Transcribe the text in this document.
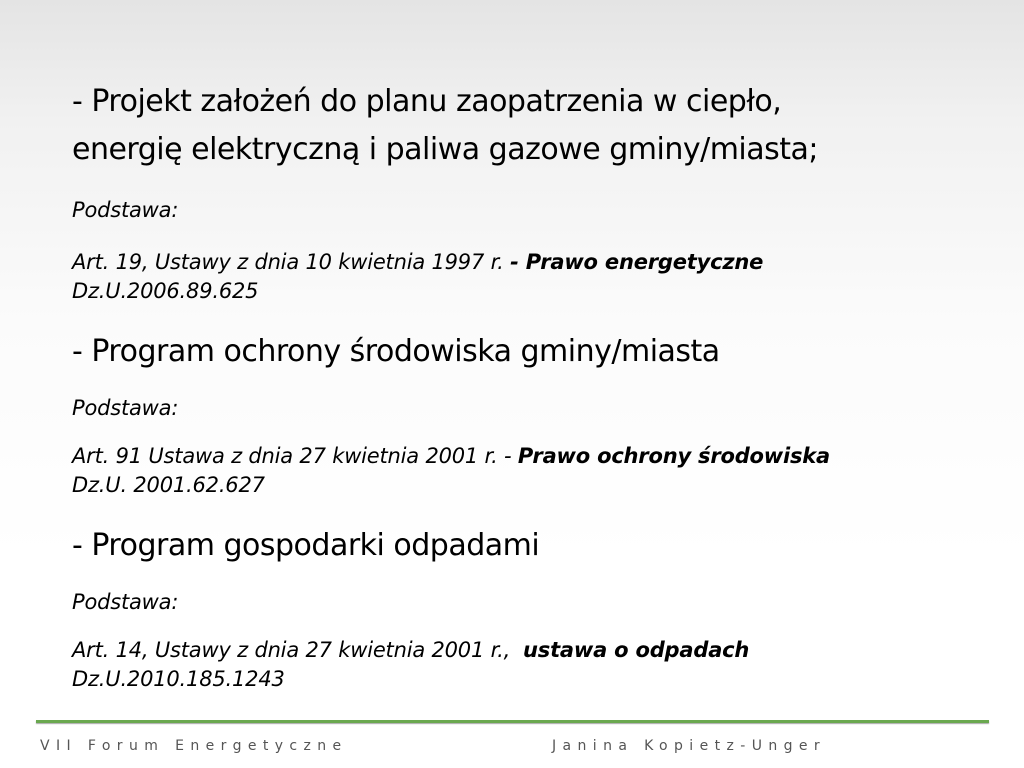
- Projekt założeń do planu zaopatrzenia w ciepło,
energię elektryczną i paliwa gazowe gminy/miasta;
Podstawa:
Art. 19, Ustawy z dnia 10 kwietnia 1997 r. - Prawo energetyczne
Dz.U.2006.89.625
- Program ochrony środowiska gminy/miasta
Podstawa:
Art. 91 Ustawa z dnia 27 kwietnia 2001 r. - Prawo ochrony środowiska
Dz.U. 2001.62.627
- Program gospodarki odpadami
Podstawa:
Art. 14, Ustawy z dnia 27 kwietnia 2001 r.,  ustawa o odpadach
Dz.U.2010.185.1243
VII Forum Energetyczne	Janina Kopietz-Unger
